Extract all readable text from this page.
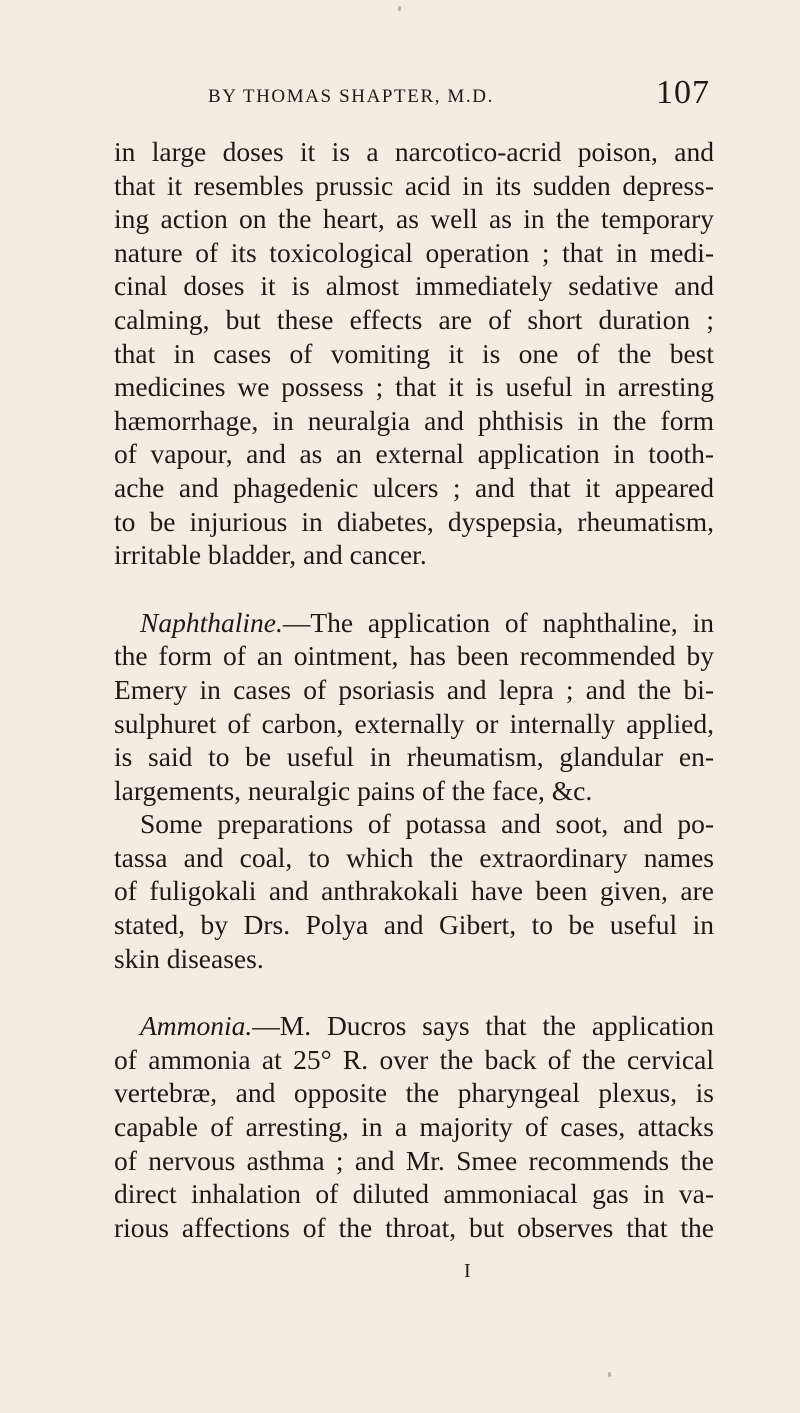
BY THOMAS SHAPTER, M.D.	107
in large doses it is a narcotico-acrid poison, and
that it resembles prussic acid in its sudden depress-
ing action on the heart, as well as in the temporary
nature of its toxicological operation ; that in medi-
cinal doses it is almost immediately sedative and
calming, but these effects are of short duration ;
that in cases of vomiting it is one of the best
medicines we possess ; that it is useful in arresting
hæmorrhage, in neuralgia and phthisis in the form
of vapour, and as an external application in tooth-
ache and phagedenic ulcers ; and that it appeared
to be injurious in diabetes, dyspepsia, rheumatism,
irritable bladder, and cancer.
Naphthaline.—The application of naphthaline, in
the form of an ointment, has been recommended by
Emery in cases of psoriasis and lepra ; and the bi-
sulphuret of carbon, externally or internally applied,
is said to be useful in rheumatism, glandular en-
largements, neuralgic pains of the face, &c.
Some preparations of potassa and soot, and po-
tassa and coal, to which the extraordinary names
of fuligokali and anthrakokali have been given, are
stated, by Drs. Polya and Gibert, to be useful in
skin diseases.
Ammonia.—M. Ducros says that the application
of ammonia at 25° R. over the back of the cervical
vertebræ, and opposite the pharyngeal plexus, is
capable of arresting, in a majority of cases, attacks
of nervous asthma ; and Mr. Smee recommends the
direct inhalation of diluted ammoniacal gas in va-
rious affections of the throat, but observes that the
I
